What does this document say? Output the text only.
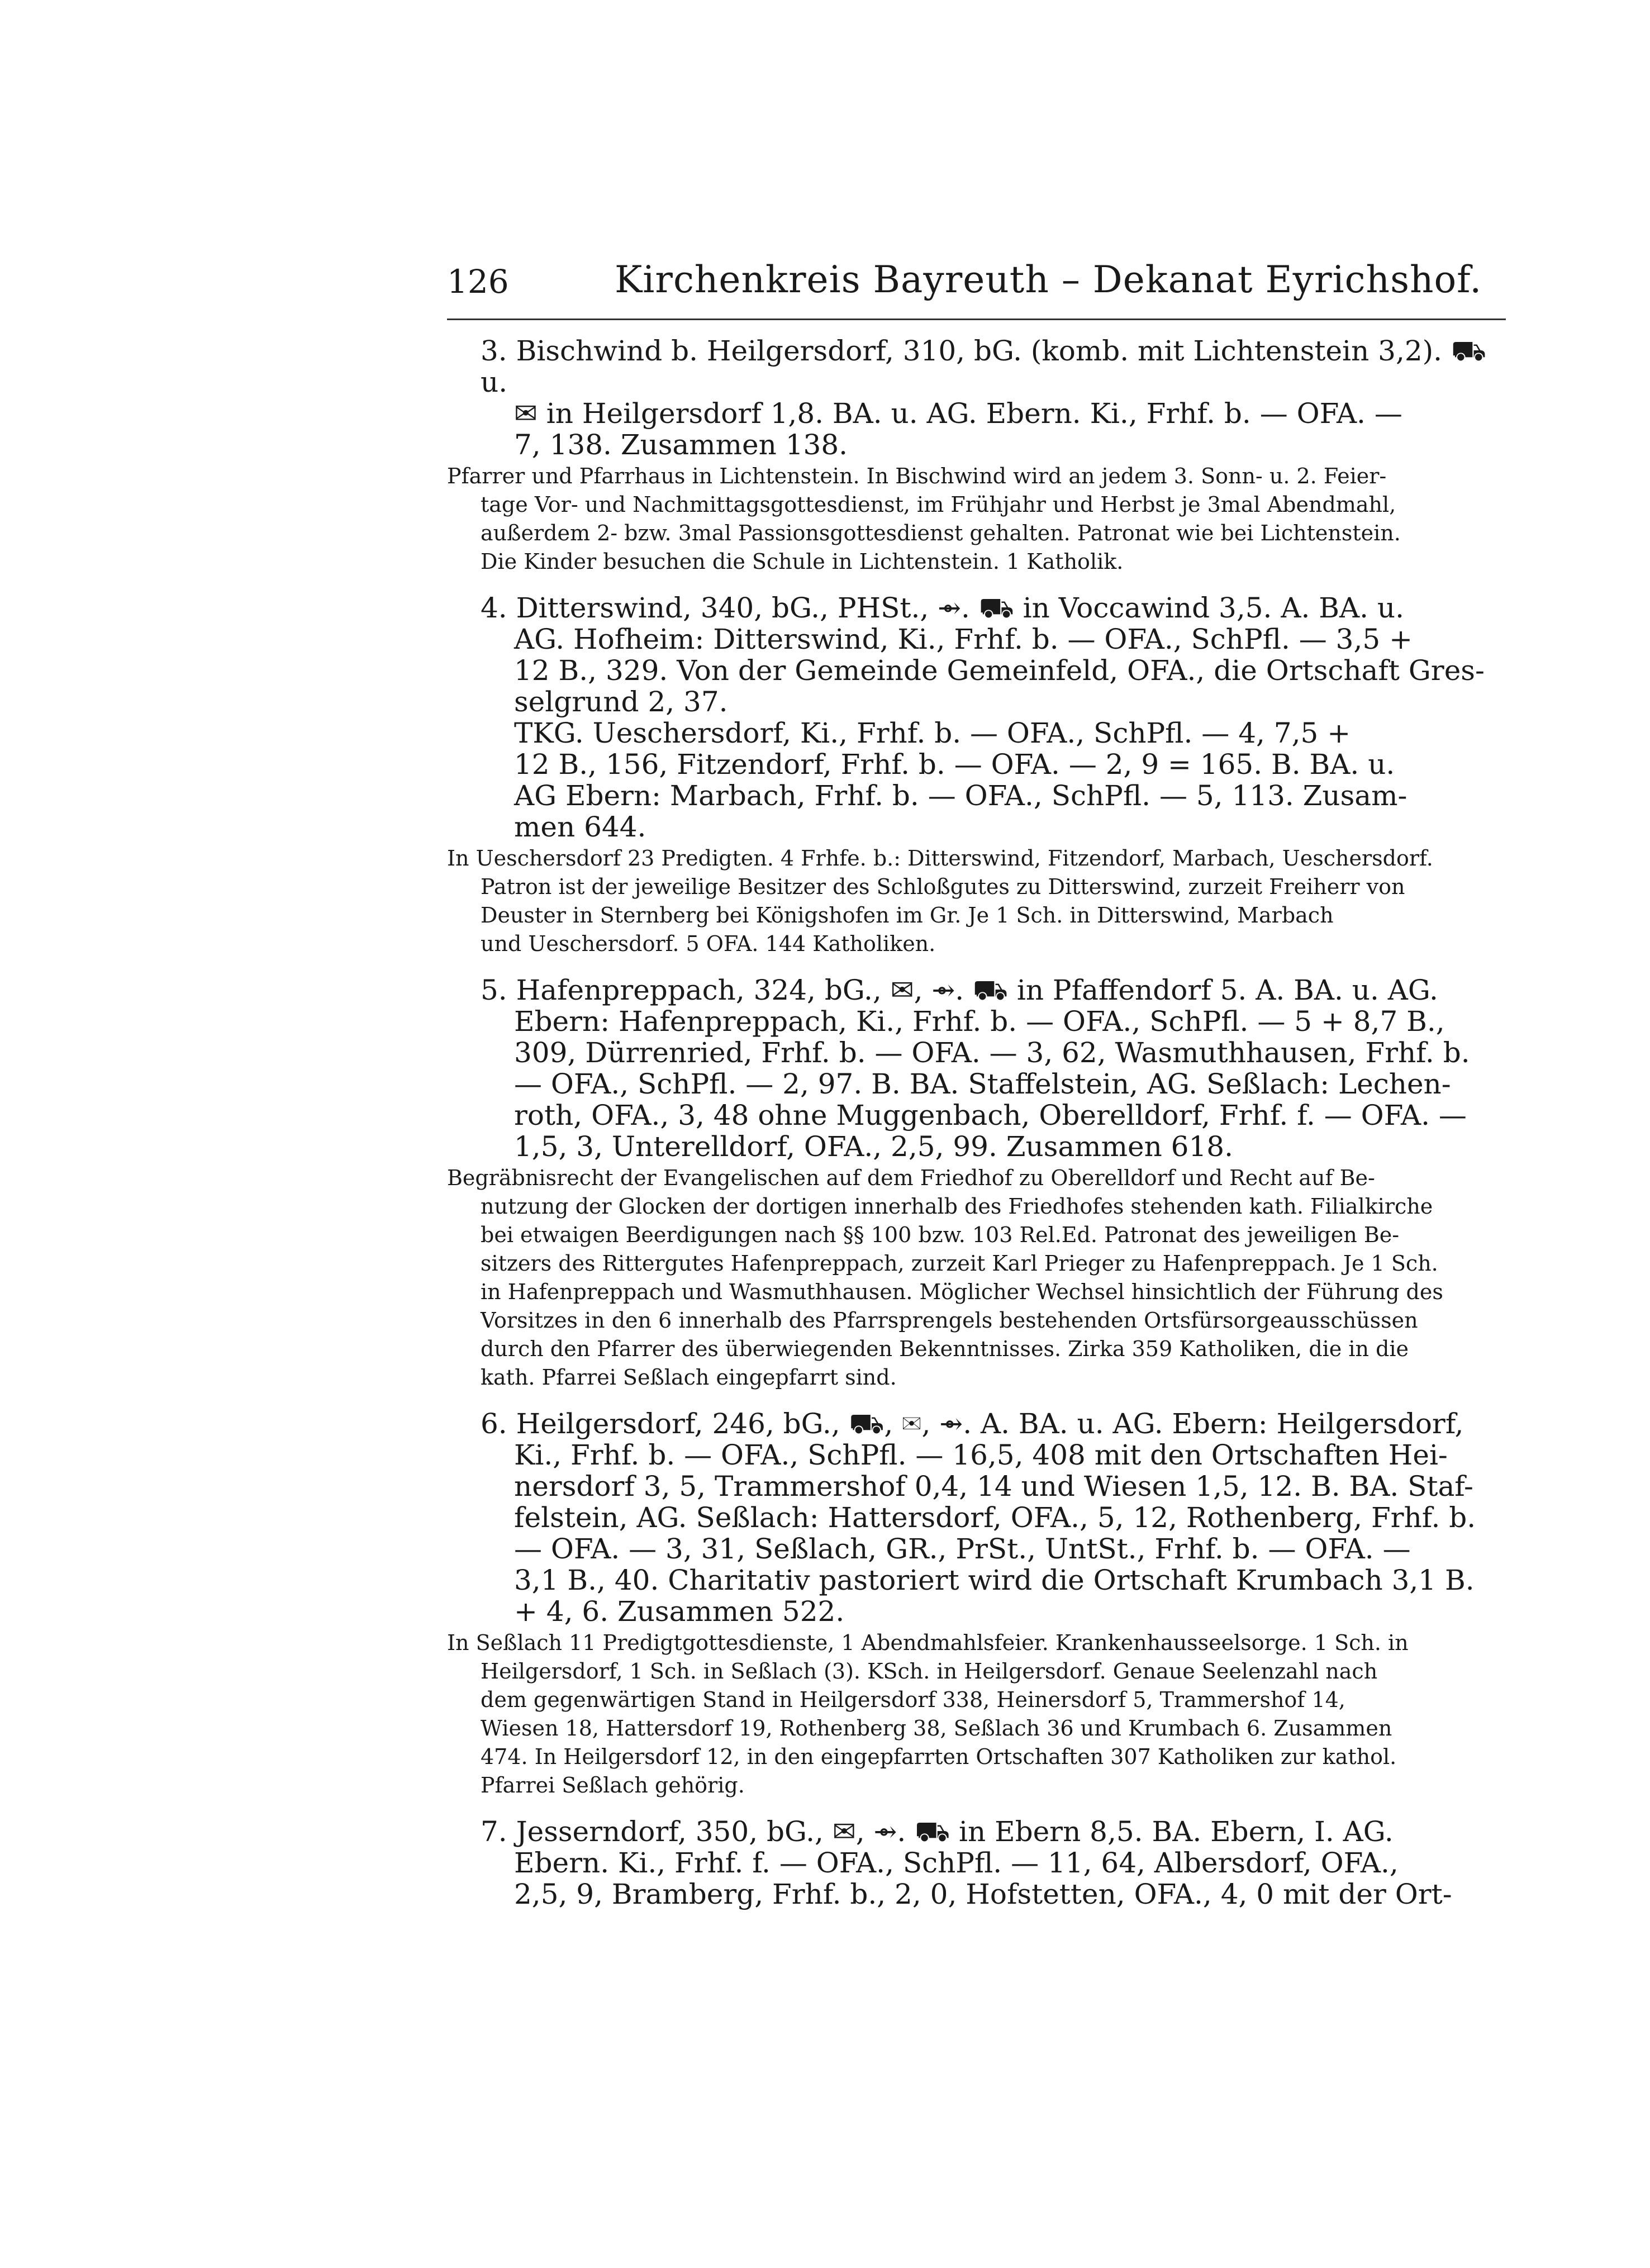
126	Kirchenkreis Bayreuth – Dekanat Eyrichshof.

3. Bischwind b. Heilgersdorf, 310, bG. (komb. mit Lichtenstein 3,2). ⛟ u.

✉ in Heilgersdorf 1,8. BA. u. AG. Ebern. Ki., Frhf. b. — OFA. —

7, 138. Zusammen 138.

Pfarrer und Pfarrhaus in Lichtenstein. In Bischwind wird an jedem 3. Sonn- u. 2. Feier-

tage Vor- und Nachmittagsgottesdienst, im Frühjahr und Herbst je 3mal Abendmahl,

außerdem 2- bzw. 3mal Passionsgottesdienst gehalten. Patronat wie bei Lichtenstein.

Die Kinder besuchen die Schule in Lichtenstein. 1 Katholik.

4. Ditterswind, 340, bG., PHSt., ⇴. ⛟ in Voccawind 3,5. A. BA. u.

AG. Hofheim: Ditterswind, Ki., Frhf. b. — OFA., SchPfl. — 3,5 +

12 B., 329. Von der Gemeinde Gemeinfeld, OFA., die Ortschaft Gres-

selgrund 2, 37.

TKG. Ueschersdorf, Ki., Frhf. b. — OFA., SchPfl. — 4, 7,5 +

12 B., 156, Fitzendorf, Frhf. b. — OFA. — 2, 9 = 165. B. BA. u.

AG Ebern: Marbach, Frhf. b. — OFA., SchPfl. — 5, 113. Zusam-

men 644.

In Ueschersdorf 23 Predigten. 4 Frhfe. b.: Ditterswind, Fitzendorf, Marbach, Ueschersdorf.

Patron ist der jeweilige Besitzer des Schloßgutes zu Ditterswind, zurzeit Freiherr von

Deuster in Sternberg bei Königshofen im Gr. Je 1 Sch. in Ditterswind, Marbach

und Ueschersdorf. 5 OFA. 144 Katholiken.

5. Hafenpreppach, 324, bG., ✉, ⇴. ⛟ in Pfaffendorf 5. A. BA. u. AG.

Ebern: Hafenpreppach, Ki., Frhf. b. — OFA., SchPfl. — 5 + 8,7 B.,

309, Dürrenried, Frhf. b. — OFA. — 3, 62, Wasmuthhausen, Frhf. b.

— OFA., SchPfl. — 2, 97. B. BA. Staffelstein, AG. Seßlach: Lechen-

roth, OFA., 3, 48 ohne Muggenbach, Oberelldorf, Frhf. f. — OFA. —

1,5, 3, Unterelldorf, OFA., 2,5, 99. Zusammen 618.

Begräbnisrecht der Evangelischen auf dem Friedhof zu Oberelldorf und Recht auf Be-

nutzung der Glocken der dortigen innerhalb des Friedhofes stehenden kath. Filialkirche

bei etwaigen Beerdigungen nach §§ 100 bzw. 103 Rel.Ed. Patronat des jeweiligen Be-

sitzers des Rittergutes Hafenpreppach, zurzeit Karl Prieger zu Hafenpreppach. Je 1 Sch.

in Hafenpreppach und Wasmuthhausen. Möglicher Wechsel hinsichtlich der Führung des

Vorsitzes in den 6 innerhalb des Pfarrsprengels bestehenden Ortsfürsorgeausschüssen

durch den Pfarrer des überwiegenden Bekenntnisses. Zirka 359 Katholiken, die in die

kath. Pfarrei Seßlach eingepfarrt sind.

6. Heilgersdorf, 246, bG., ⛟, ✉, ⇴. A. BA. u. AG. Ebern: Heilgersdorf,

Ki., Frhf. b. — OFA., SchPfl. — 16,5, 408 mit den Ortschaften Hei-

nersdorf 3, 5, Trammershof 0,4, 14 und Wiesen 1,5, 12. B. BA. Staf-

felstein, AG. Seßlach: Hattersdorf, OFA., 5, 12, Rothenberg, Frhf. b.

— OFA. — 3, 31, Seßlach, GR., PrSt., UntSt., Frhf. b. — OFA. —

3,1 B., 40. Charitativ pastoriert wird die Ortschaft Krumbach 3,1 B.

+ 4, 6. Zusammen 522.

In Seßlach 11 Predigtgottesdienste, 1 Abendmahlsfeier. Krankenhausseelsorge. 1 Sch. in

Heilgersdorf, 1 Sch. in Seßlach (3). KSch. in Heilgersdorf. Genaue Seelenzahl nach

dem gegenwärtigen Stand in Heilgersdorf 338, Heinersdorf 5, Trammershof 14,

Wiesen 18, Hattersdorf 19, Rothenberg 38, Seßlach 36 und Krumbach 6. Zusammen

474. In Heilgersdorf 12, in den eingepfarrten Ortschaften 307 Katholiken zur kathol.

Pfarrei Seßlach gehörig.

7. Jesserndorf, 350, bG., ✉, ⇴. ⛟ in Ebern 8,5. BA. Ebern, I. AG.

Ebern. Ki., Frhf. f. — OFA., SchPfl. — 11, 64, Albersdorf, OFA.,

2,5, 9, Bramberg, Frhf. b., 2, 0, Hofstetten, OFA., 4, 0 mit der Ort-
